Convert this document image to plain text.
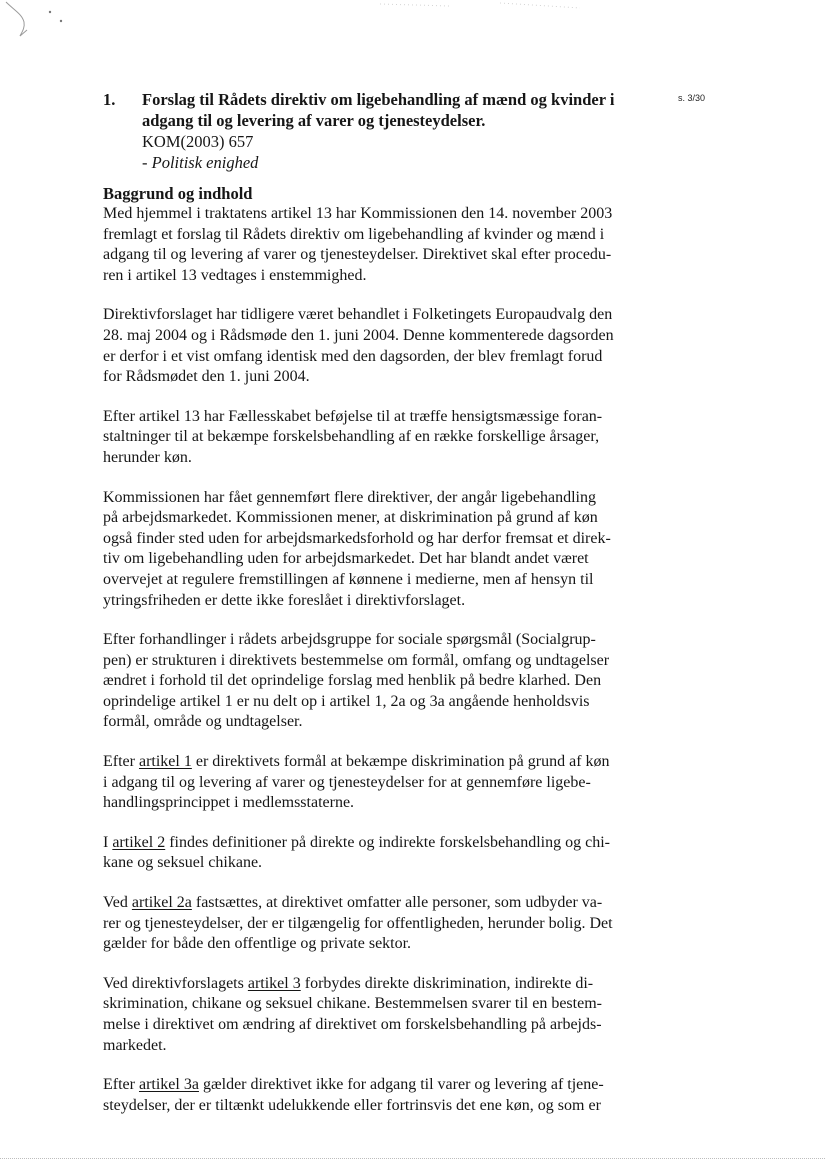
s. 3/30
1. Forslag til Rådets direktiv om ligebehandling af mænd og kvinder i
adgang til og levering af varer og tjenesteydelser.
KOM(2003) 657
- Politisk enighed
Baggrund og indhold

Med hjemmel i traktatens artikel 13 har Kommissionen den 14. november 2003
fremlagt et forslag til Rådets direktiv om ligebehandling af kvinder og mænd i
adgang til og levering af varer og tjenesteydelser. Direktivet skal efter procedu-
ren i artikel 13 vedtages i enstemmighed.

Direktivforslaget har tidligere været behandlet i Folketingets Europaudvalg den
28. maj 2004 og i Rådsmøde den 1. juni 2004. Denne kommenterede dagsorden
er derfor i et vist omfang identisk med den dagsorden, der blev fremlagt forud
for Rådsmødet den 1. juni 2004.

Efter artikel 13 har Fællesskabet beføjelse til at træffe hensigtsmæssige foran-
staltninger til at bekæmpe forskelsbehandling af en række forskellige årsager,
herunder køn.

Kommissionen har fået gennemført flere direktiver, der angår ligebehandling
på arbejdsmarkedet. Kommissionen mener, at diskrimination på grund af køn
også finder sted uden for arbejdsmarkedsforhold og har derfor fremsat et direk-
tiv om ligebehandling uden for arbejdsmarkedet. Det har blandt andet været
overvejet at regulere fremstillingen af kønnene i medierne, men af hensyn til
ytringsfriheden er dette ikke foreslået i direktivforslaget.

Efter forhandlinger i rådets arbejdsgruppe for sociale spørgsmål (Socialgrup-
pen) er strukturen i direktivets bestemmelse om formål, omfang og undtagelser
ændret i forhold til det oprindelige forslag med henblik på bedre klarhed. Den
oprindelige artikel 1 er nu delt op i artikel 1, 2a og 3a angående henholdsvis
formål, område og undtagelser.

Efter artikel 1 er direktivets formål at bekæmpe diskrimination på grund af køn
i adgang til og levering af varer og tjenesteydelser for at gennemføre ligebe-
handlingsprincippet i medlemsstaterne.

I artikel 2 findes definitioner på direkte og indirekte forskelsbehandling og chi-
kane og seksuel chikane.

Ved artikel 2a fastsættes, at direktivet omfatter alle personer, som udbyder va-
rer og tjenesteydelser, der er tilgængelig for offentligheden, herunder bolig. Det
gælder for både den offentlige og private sektor.

Ved direktivforslagets artikel 3 forbydes direkte diskrimination, indirekte di-
skrimination, chikane og seksuel chikane. Bestemmelsen svarer til en bestem-
melse i direktivet om ændring af direktivet om forskelsbehandling på arbejds-
markedet.

Efter artikel 3a gælder direktivet ikke for adgang til varer og levering af tjene-
steydelser, der er tiltænkt udelukkende eller fortrinsvis det ene køn, og som er
